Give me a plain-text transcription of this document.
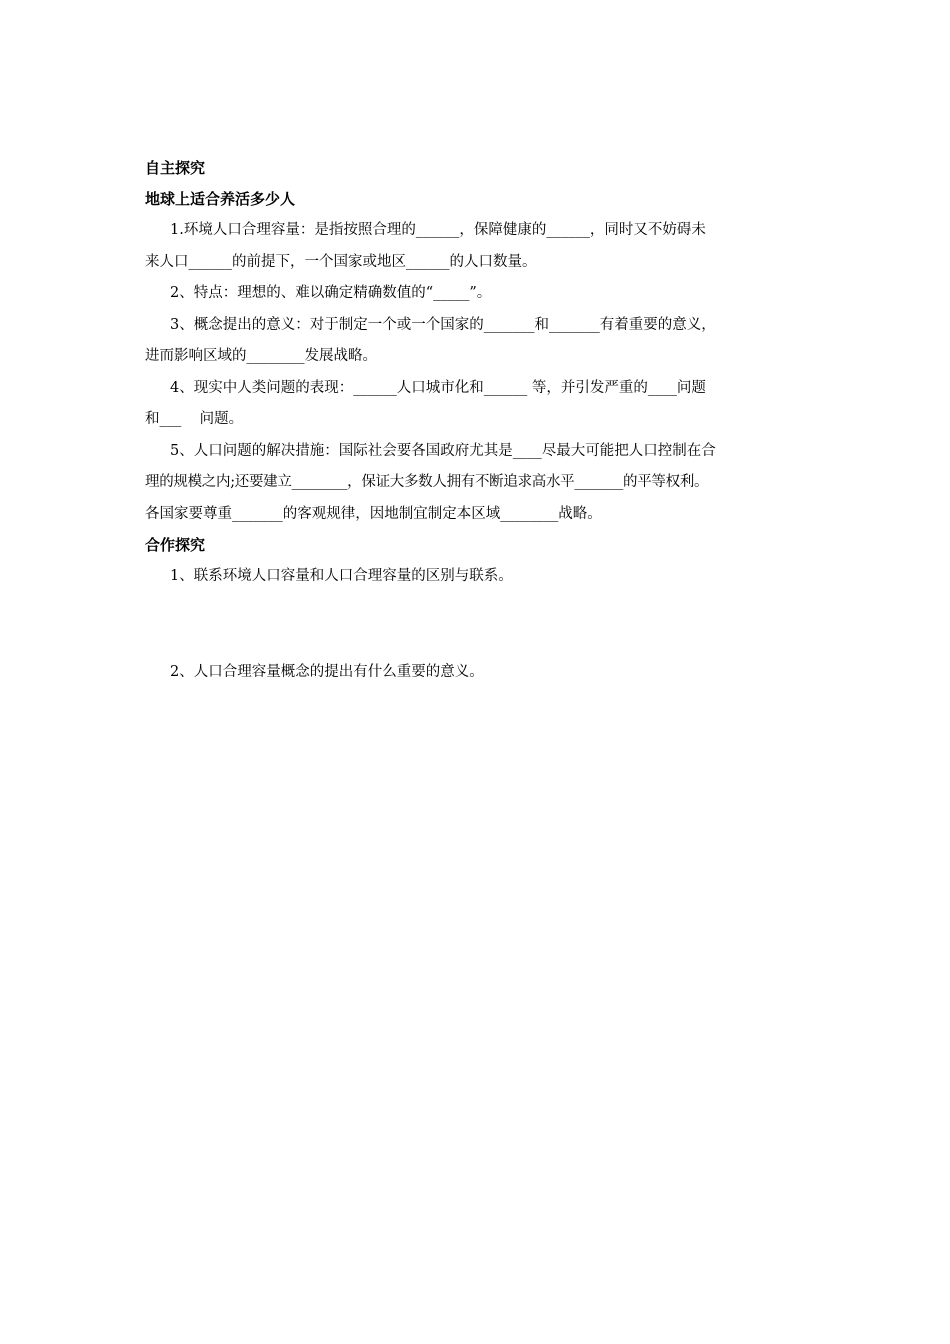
自主探究
地球上适合养活多少人

1.环境人口合理容量：是指按照合理的______，保障健康的______，同时又不妨碍未

来人口______的前提下，一个国家或地区______的人口数量。

2、特点：理想的、难以确定精确数值的“_____”。

3、概念提出的意义：对于制定一个或一个国家的_______和_______有着重要的意义，

进而影响区域的________发展战略。

4、现实中人类问题的表现：______人口城市化和______ 等，并引发严重的____问题

和___    问题。

5、人口问题的解决措施：国际社会要各国政府尤其是____尽最大可能把人口控制在合

理的规模之内;还要建立________，保证大多数人拥有不断追求高水平_______的平等权利。

各国家要尊重_______的客观规律，因地制宜制定本区域________战略。

合作探究

1、联系环境人口容量和人口合理容量的区别与联系。

2、人口合理容量概念的提出有什么重要的意义。
